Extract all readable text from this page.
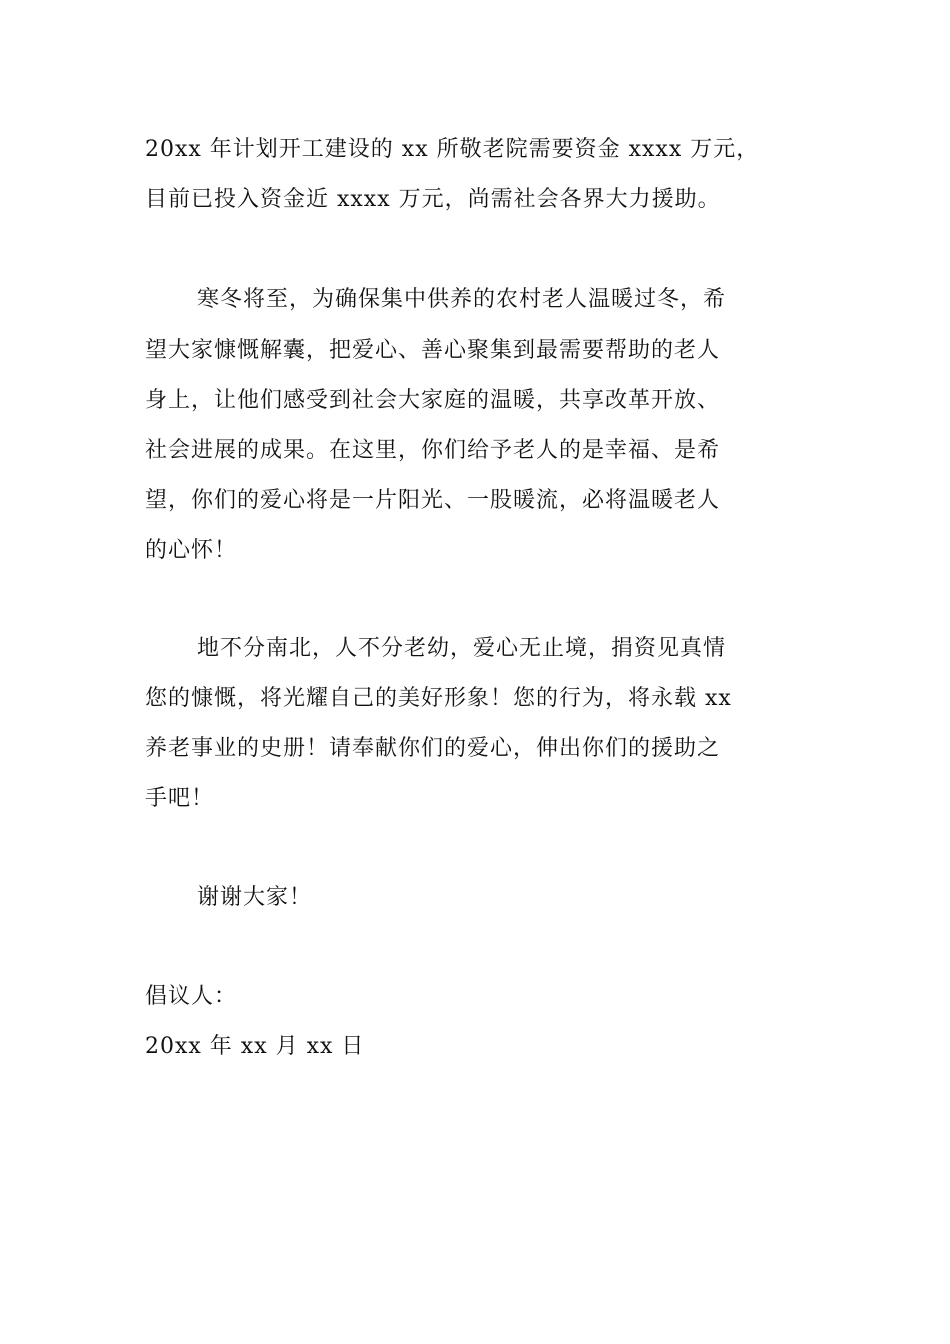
20xx 年计划开工建设的 xx 所敬老院需要资金 xxxx 万元，
目前已投入资金近 xxxx 万元，尚需社会各界大力援助。
寒冬将至，为确保集中供养的农村老人温暖过冬，希
望大家慷慨解囊，把爱心、善心聚集到最需要帮助的老人
身上，让他们感受到社会大家庭的温暖，共享改革开放、
社会进展的成果。在这里，你们给予老人的是幸福、是希
望，你们的爱心将是一片阳光、一股暖流，必将温暖老人
的心怀！
地不分南北，人不分老幼，爱心无止境，捐资见真情
您的慷慨，将光耀自己的美好形象！您的行为，将永载 xx
养老事业的史册！请奉献你们的爱心，伸出你们的援助之
手吧！
谢谢大家！
倡议人：
20xx 年 xx 月 xx 日
